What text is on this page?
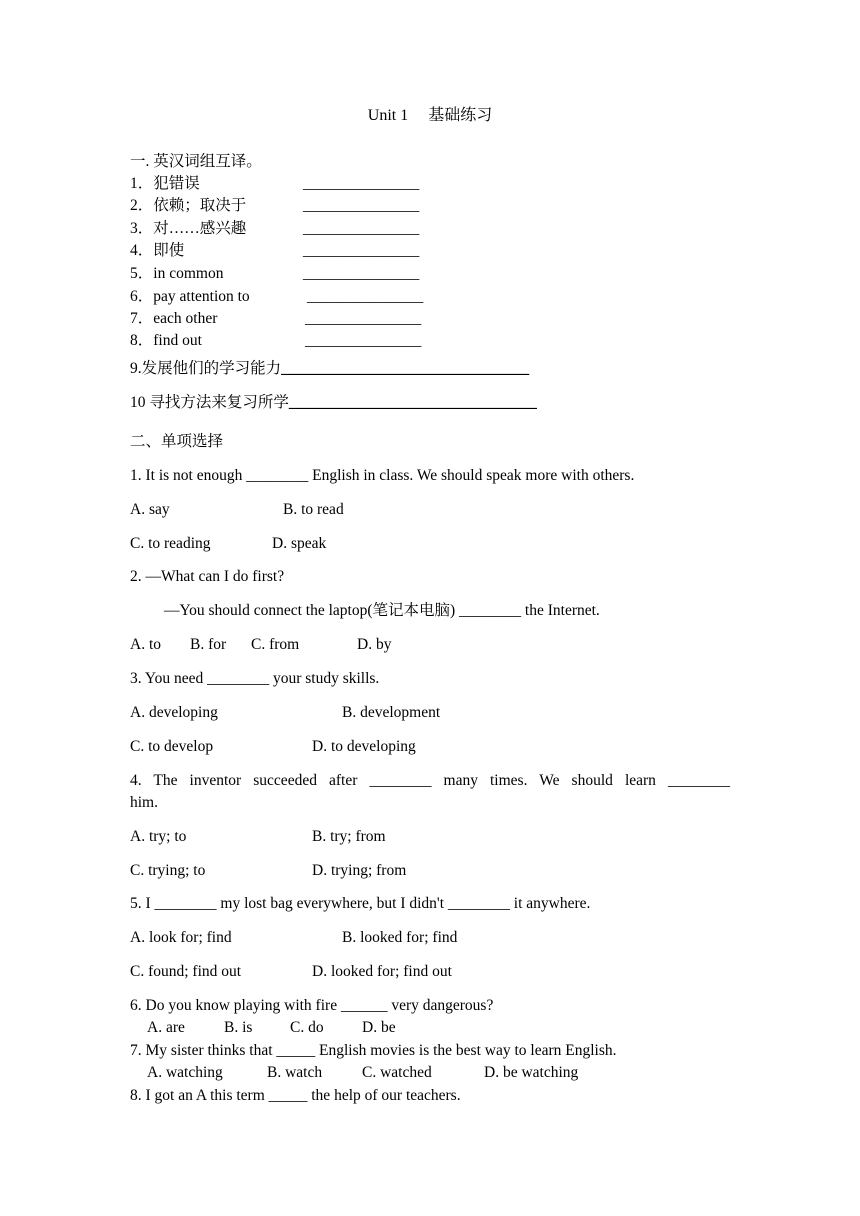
Unit 1　 基础练习
一. 英汉词组互译。
1．犯错误	_______________
2．依赖；取决于	_______________
3．对……感兴趣	_______________
4．即使	_______________
5．in common	_______________
6．pay attention to	_______________
7．each other	_______________
8．find out	_______________
9.发展他们的学习能力________________________________
10 寻找方法来复习所学________________________________
二、单项选择
1. It is not enough ________ English in class. We should speak more with others.
A. say	B. to read
C. to reading	D. speak
2. —What can I do first?
—You should connect the laptop(笔记本电脑) ________ the Internet.
A. to B. for C. from	D. by
3. You need ________ your study skills.
A. developing	B. development
C. to develop	D. to developing
4. The inventor succeeded after ________ many times. We should learn ________
him.
A. try; to	B. try; from
C. trying; to	D. trying; from
5. I ________ my lost bag everywhere, but I didn't ________ it anywhere.
A. look for; find	B. looked for; find
C. found; find out	D. looked for; find out
6. Do you know playing with fire ______ very dangerous?
A. are	B. is C. do D. be
7. My sister thinks that _____ English movies is the best way to learn English.
A. watching	B. watch	C. watched	D. be watching
8. I got an A this term _____ the help of our teachers.
